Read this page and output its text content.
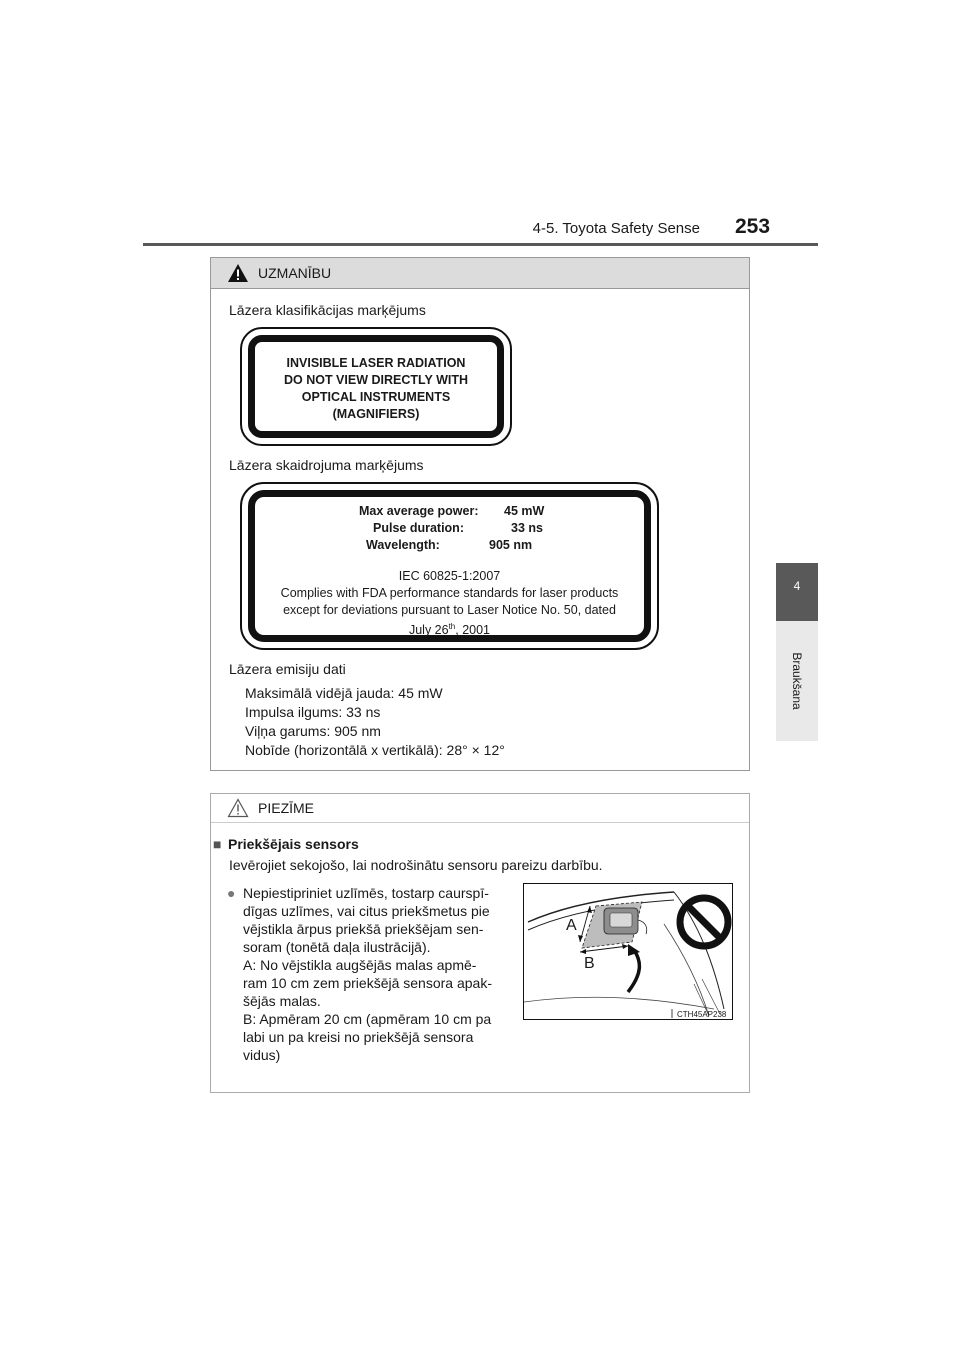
4-5. Toyota Safety Sense 253
4
Braukšana
UZMANĪBU
Lāzera klasifikācijas marķējums
INVISIBLE LASER RADIATION
DO NOT VIEW DIRECTLY WITH
OPTICAL INSTRUMENTS
(MAGNIFIERS)
Lāzera skaidrojuma marķējums
Max average power: 45 mW
Pulse duration:	33 ns
Wavelength:	905 nm
IEC 60825-1:2007
Complies with FDA performance standards for laser products
except for deviations pursuant to Laser Notice No. 50, dated
July 26th, 2001
Lāzera emisiju dati
Maksimālā vidējā jauda: 45 mW
Impulsa ilgums: 33 ns
Viļņa garums: 905 nm
Nobīde (horizontālā x vertikālā): 28° × 12°
PIEZĪME
■ Priekšējais sensors
Ievērojiet sekojošo, lai nodrošinātu sensoru pareizu darbību.
● Nepiestipriniet uzlīmēs, tostarp caurspī-
dīgas uzlīmes, vai citus priekšmetus pie
vējstikla ārpus priekšā priekšējam sen-
soram (tonētā daļa ilustrācijā).
A: No vējstikla augšējās malas apmē-
ram 10 cm zem priekšējā sensora apak-
šējās malas.
B: Apmēram 20 cm (apmēram 10 cm pa
labi un pa kreisi no priekšējā sensora
vidus)
A
B
CTH45AP238
